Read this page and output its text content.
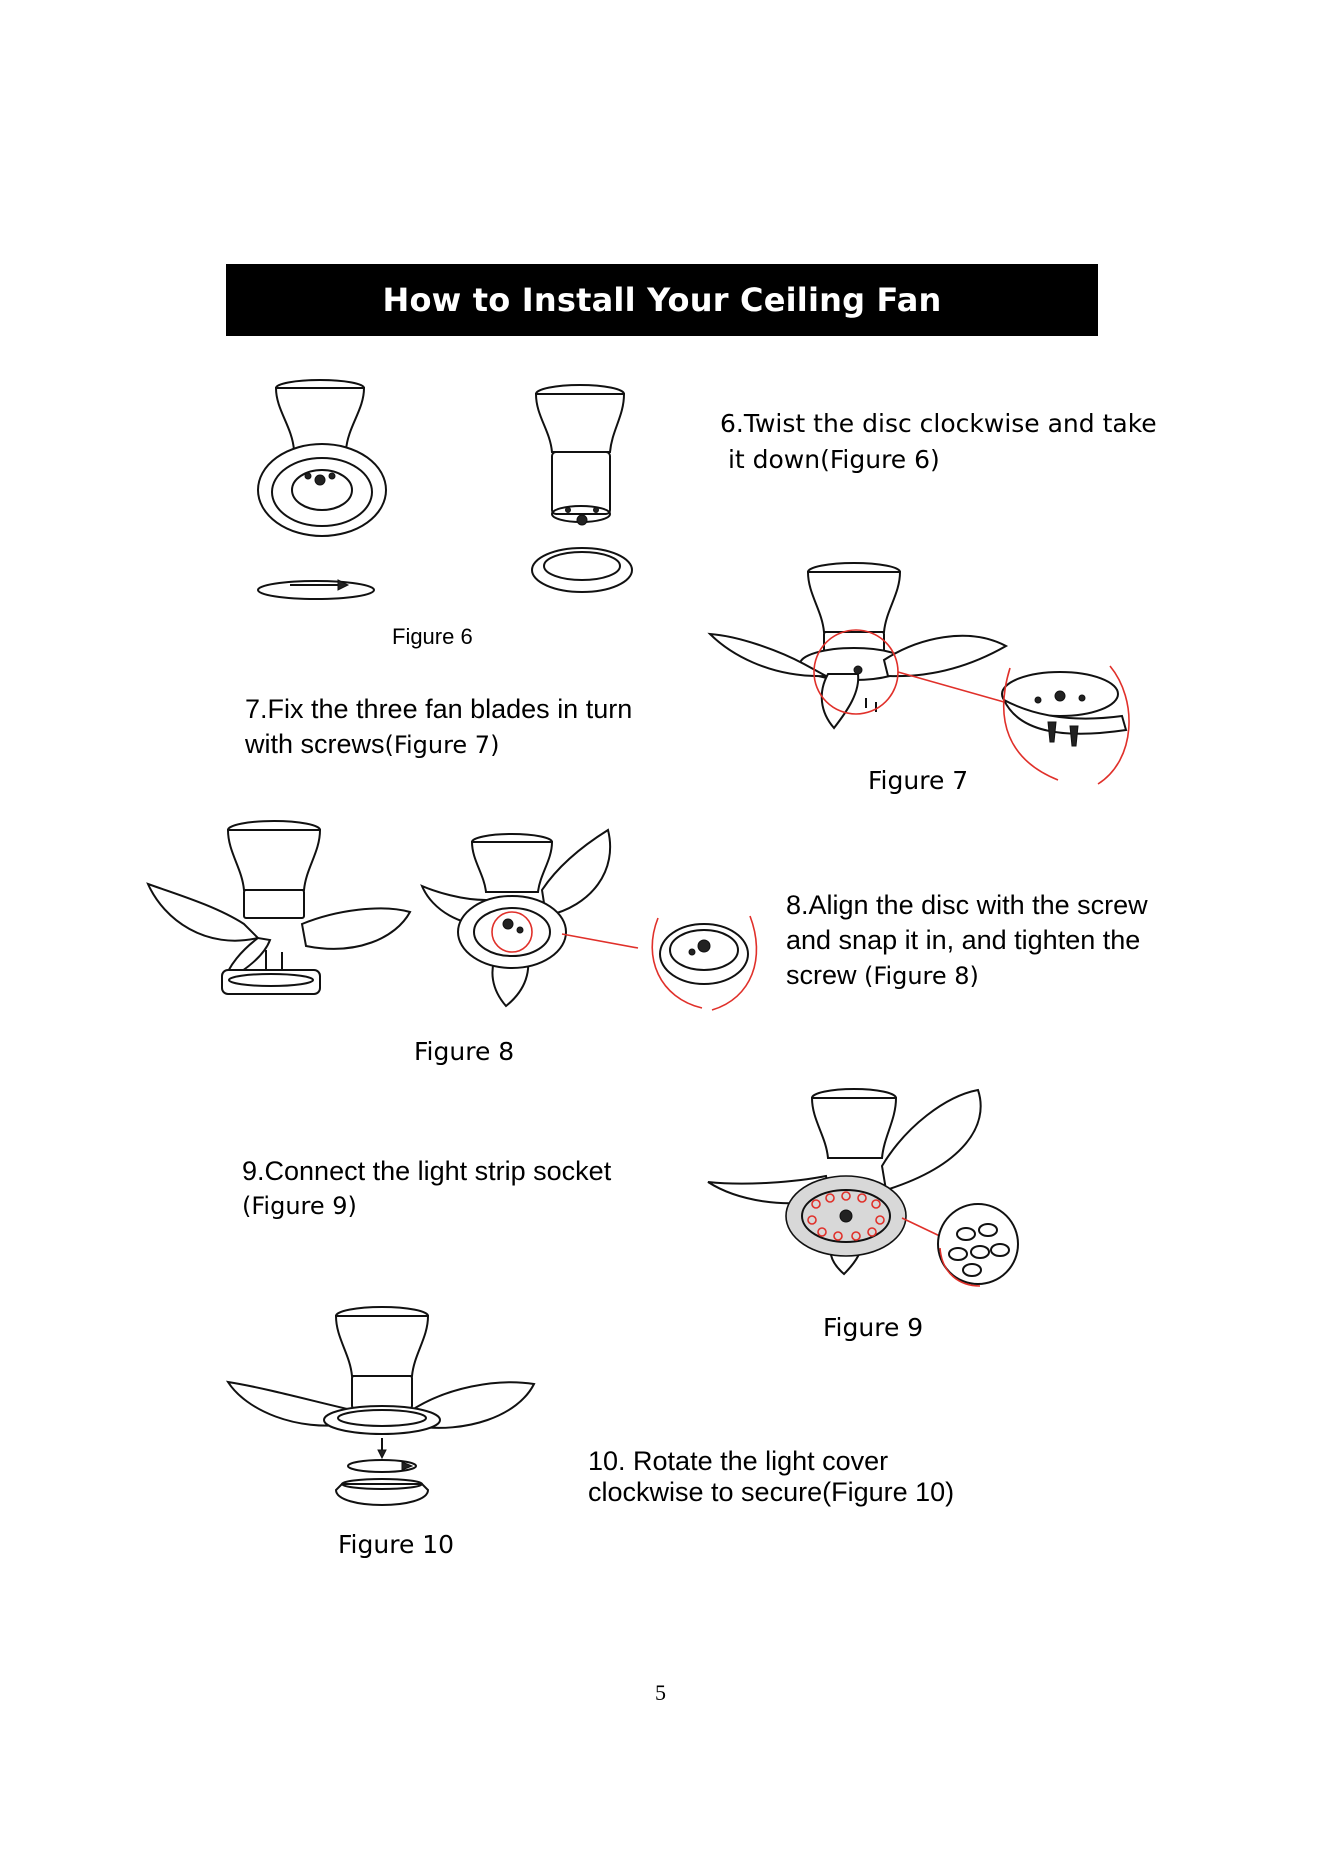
How to Install Your Ceiling Fan
Figure 6
6.Twist the disc clockwise and take
it down(Figure 6)
Figure 7
7.Fix the three fan blades in turn
with screws(Figure 7)
Figure 8
8.Align the disc with the screw
and snap it in, and tighten the
screw (Figure 8)
9.Connect the light strip socket
(Figure 9)
Figure 9
Figure 10
10. Rotate the light cover
clockwise to secure(Figure 10)
5
